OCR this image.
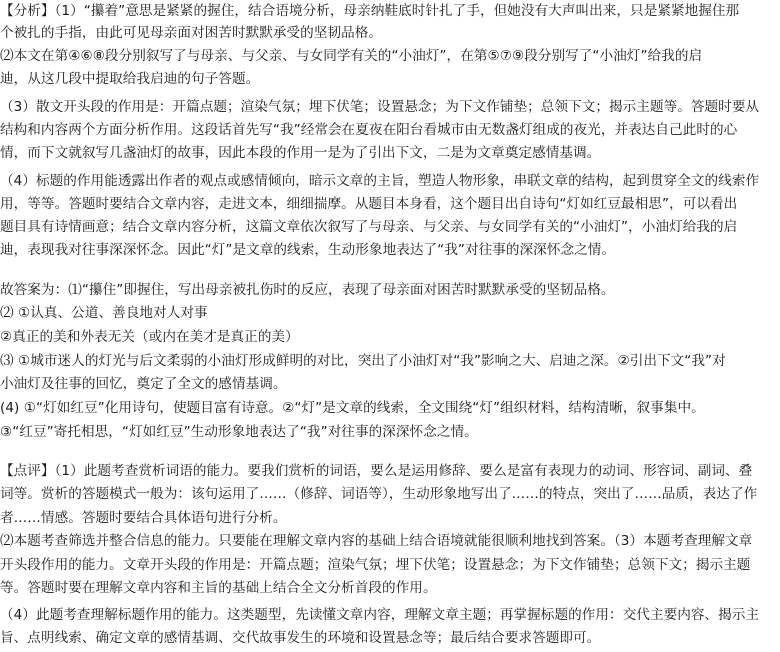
【分析】（1）“攥着”意思是紧紧的握住，结合语境分析，母亲纳鞋底时针扎了手，但她没有大声叫出来，只是紧紧地握住那
个被扎的手指，由此可见母亲面对困苦时默默承受的坚韧品格。
⑵本文在第④⑥⑧段分别叙写了与母亲、与父亲、与女同学有关的“小油灯”，在第⑤⑦⑨段分别写了“小油灯”给我的启
迪，从这几段中提取给我启迪的句子答题。
（3）散文开头段的作用是：开篇点题；渲染气氛；埋下伏笔；设置悬念；为下文作铺垫；总领下文；揭示主题等。答题时要从
结构和内容两个方面分析作用。这段话首先写“我”经常会在夏夜在阳台看城市由无数盏灯组成的夜光，并表达自己此时的心
情，而下文就叙写几盏油灯的故事，因此本段的作用一是为了引出下文，二是为文章奠定感情基调。
（4）标题的作用能透露出作者的观点或感情倾向，暗示文章的主旨，塑造人物形象，串联文章的结构，起到贯穿全文的线索作
用，等等。答题时要结合文章内容，走进文本，细细揣摩。从题目本身看，这个题目出自诗句“灯如红豆最相思”，可以看出
题目具有诗情画意；结合文章内容分析，这篇文章依次叙写了与母亲、与父亲、与女同学有关的“小油灯”，小油灯给我的启
迪，表现我对往事深深怀念。因此“灯”是文章的线索，生动形象地表达了“我”对往事的深深怀念之情。
故答案为：⑴“攥住”即握住，写出母亲被扎伤时的反应，表现了母亲面对困苦时默默承受的坚韧品格。
⑵ ①认真、公道、善良地对人对事
②真正的美和外表无关（或内在美才是真正的美）
⑶ ①城市迷人的灯光与后文柔弱的小油灯形成鲜明的对比，突出了小油灯对“我”影响之大、启迪之深。②引出下文“我”对
小油灯及往事的回忆，奠定了全文的感情基调。
(4) ①“灯如红豆”化用诗句，使题目富有诗意。②“灯”是文章的线索，全文围绕“灯”组织材料，结构清晰，叙事集中。
③“红豆”寄托相思，“灯如红豆”生动形象地表达了“我”对往事的深深怀念之情。
【点评】（1）此题考查赏析词语的能力。要我们赏析的词语，要么是运用修辞、要么是富有表现力的动词、形容词、副词、叠
词等。赏析的答题模式一般为：该句运用了……（修辞、词语等），生动形象地写出了……的特点，突出了……品质，表达了作
者……情感。答题时要结合具体语句进行分析。
⑵本题考查筛选并整合信息的能力。只要能在理解文章内容的基础上结合语境就能很顺利地找到答案。（3）本题考查理解文章
开头段作用的能力。文章开头段的作用是：开篇点题；渲染气氛；埋下伏笔；设置悬念；为下文作铺垫；总领下文；揭示主题
等。答题时要在理解文章内容和主旨的基础上结合全文分析首段的作用。
（4）此题考查理解标题作用的能力。这类题型，先读懂文章内容，理解文章主题；再掌握标题的作用：交代主要内容、揭示主
旨、点明线索、确定文章的感情基调、交代故事发生的环境和设置悬念等；最后结合要求答题即可。
